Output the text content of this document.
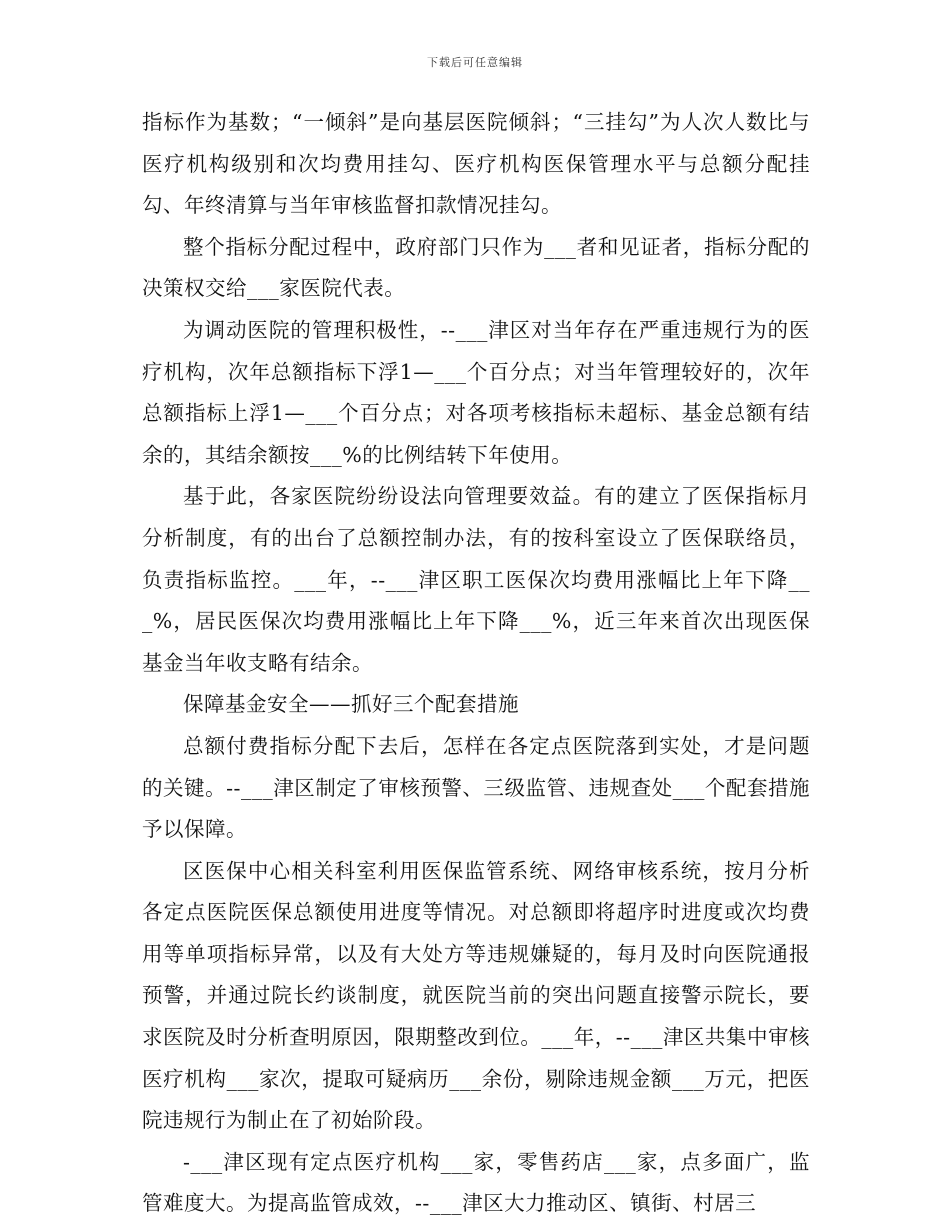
下载后可任意编辑

指标作为基数；“一倾斜”是向基层医院倾斜；“三挂勾”为人次人数比与医疗机构级别和次均费用挂勾、医疗机构医保管理水平与总额分配挂勾、年终清算与当年审核监督扣款情况挂勾。

整个指标分配过程中，政府部门只作为___者和见证者，指标分配的决策权交给___家医院代表。

为调动医院的管理积极性，--___津区对当年存在严重违规行为的医疗机构，次年总额指标下浮1—___个百分点；对当年管理较好的，次年总额指标上浮1—___个百分点；对各项考核指标未超标、基金总额有结余的，其结余额按___%的比例结转下年使用。

基于此，各家医院纷纷设法向管理要效益。有的建立了医保指标月分析制度，有的出台了总额控制办法，有的按科室设立了医保联络员，负责指标监控。___年，--___津区职工医保次均费用涨幅比上年下降___%，居民医保次均费用涨幅比上年下降___%，近三年来首次出现医保基金当年收支略有结余。

保障基金安全——抓好三个配套措施

总额付费指标分配下去后，怎样在各定点医院落到实处，才是问题的关键。--___津区制定了审核预警、三级监管、违规查处___个配套措施予以保障。

区医保中心相关科室利用医保监管系统、网络审核系统，按月分析各定点医院医保总额使用进度等情况。对总额即将超序时进度或次均费用等单项指标异常，以及有大处方等违规嫌疑的，每月及时向医院通报预警，并通过院长约谈制度，就医院当前的突出问题直接警示院长，要求医院及时分析查明原因，限期整改到位。___年，--___津区共集中审核医疗机构___家次，提取可疑病历___余份，剔除违规金额___万元，把医院违规行为制止在了初始阶段。

-___津区现有定点医疗机构___家，零售药店___家，点多面广，监管难度大。为提高监管成效，--___津区大力推动区、镇街、村居三
